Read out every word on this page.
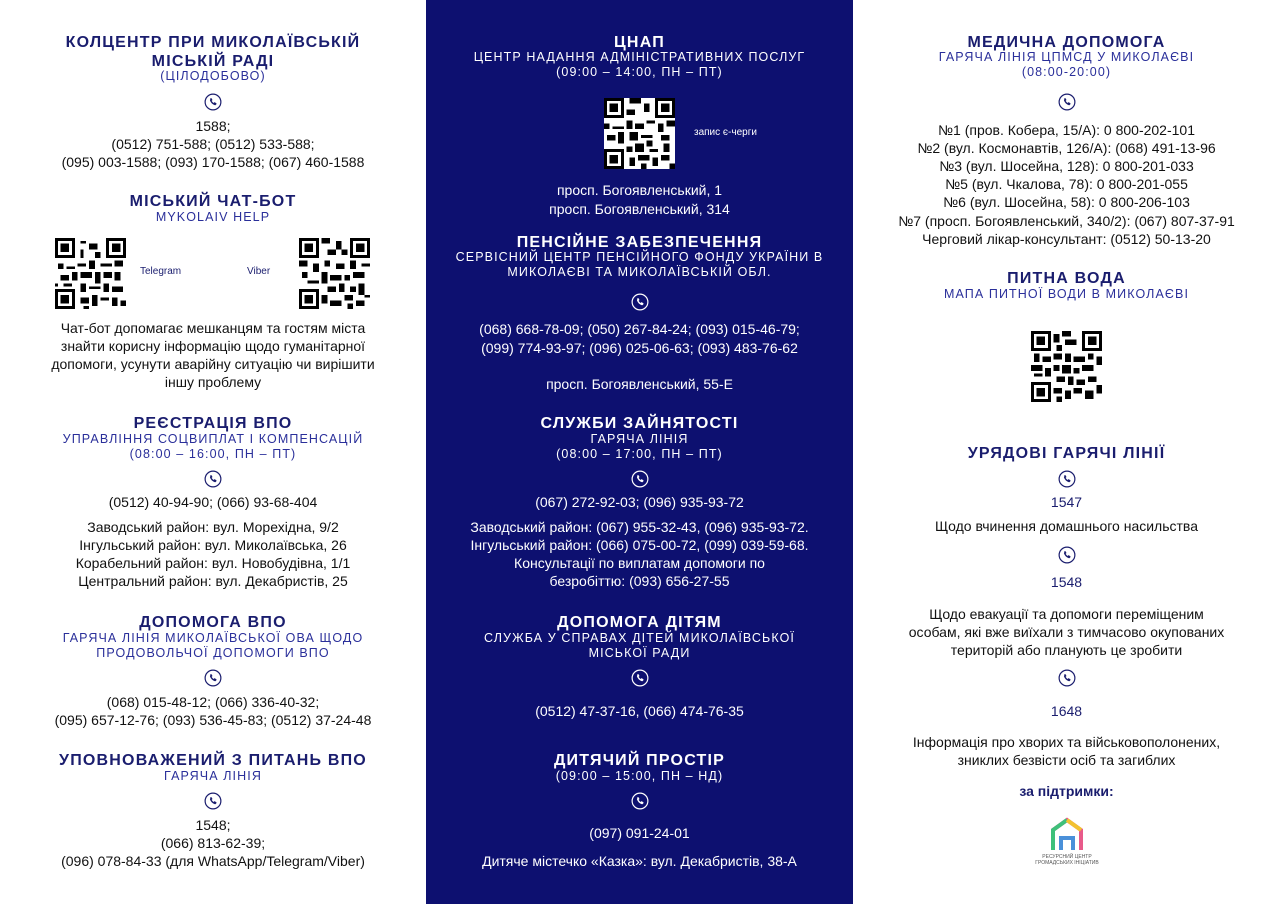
КОЛЦЕНТР ПРИ МИКОЛАЇВСЬКІЙ
МІСЬКІЙ РАДІ
(ЦІЛОДОБОВО)
1588;
(0512) 751-588; (0512) 533-588;
(095) 003-1588; (093) 170-1588; (067) 460-1588
МІСЬКИЙ ЧАТ-БОТ
MYKOLAIV HELP
Telegram	Viber
Чат-бот допомагає мешканцям та гостям міста
знайти корисну інформацію щодо гуманітарної
допомоги, усунути аварійну ситуацію чи вирішити
іншу проблему
РЕЄСТРАЦІЯ ВПО
УПРАВЛІННЯ СОЦВИПЛАТ І КОМПЕНСАЦІЙ
(08:00 – 16:00, ПН – ПТ)
(0512) 40-94-90; (066) 93-68-404
Заводський район: вул. Морехідна, 9/2
Інгульський район: вул. Миколаївська, 26
Корабельний район: вул. Новобудівна, 1/1
Центральний район: вул. Декабристів, 25
ДОПОМОГА ВПО
ГАРЯЧА ЛІНІЯ МИКОЛАЇВСЬКОЇ ОВА ЩОДО
ПРОДОВОЛЬЧОЇ ДОПОМОГИ ВПО
(068) 015-48-12; (066) 336-40-32;
(095) 657-12-76; (093) 536-45-83; (0512) 37-24-48
УПОВНОВАЖЕНИЙ З ПИТАНЬ ВПО
ГАРЯЧА ЛІНІЯ
1548;
(066) 813-62-39;
(096) 078-84-33 (для WhatsApp/Telegram/Viber)
ЦНАП
ЦЕНТР НАДАННЯ АДМІНІСТРАТИВНИХ ПОСЛУГ
(09:00 – 14:00, ПН – ПТ)
запис є-черги
просп. Богоявленський, 1
просп. Богоявленський, 314
ПЕНСІЙНЕ ЗАБЕЗПЕЧЕННЯ
СЕРВІСНИЙ ЦЕНТР ПЕНСІЙНОГО ФОНДУ УКРАЇНИ В
МИКОЛАЄВІ ТА МИКОЛАЇВСЬКІЙ ОБЛ.
(068) 668-78-09; (050) 267-84-24; (093) 015-46-79;
(099) 774-93-97; (096) 025-06-63; (093) 483-76-62
просп. Богоявленський, 55-Е
СЛУЖБИ ЗАЙНЯТОСТІ
ГАРЯЧА ЛІНІЯ
(08:00 – 17:00, ПН – ПТ)
(067) 272-92-03; (096) 935-93-72
Заводський район: (067) 955-32-43, (096) 935-93-72.
Інгульський район: (066) 075-00-72, (099) 039-59-68.
Консультації по виплатам допомоги по
безробіттю: (093) 656-27-55
ДОПОМОГА ДІТЯМ
СЛУЖБА У СПРАВАХ ДІТЕЙ МИКОЛАЇВСЬКОЇ
МІСЬКОЇ РАДИ
(0512) 47-37-16, (066) 474-76-35
ДИТЯЧИЙ ПРОСТІР
(09:00 – 15:00, ПН – НД)
(097) 091-24-01
Дитяче містечко «Казка»: вул. Декабристів, 38-А
МЕДИЧНА ДОПОМОГА
ГАРЯЧА ЛІНІЯ ЦПМСД У МИКОЛАЄВІ
(08:00-20:00)
№1 (пров. Кобера, 15/А): 0 800-202-101
№2 (вул. Космонавтів, 126/А): (068) 491-13-96
№3 (вул. Шосейна, 128): 0 800-201-033
№5 (вул. Чкалова, 78): 0 800-201-055
№6 (вул. Шосейна, 58): 0 800-206-103
№7 (просп. Богоявленський, 340/2): (067) 807-37-91
Черговий лікар-консультант: (0512) 50-13-20
ПИТНА ВОДА
МАПА ПИТНОЇ ВОДИ В МИКОЛАЄВІ
УРЯДОВІ ГАРЯЧІ ЛІНІЇ
1547
Щодо вчинення домашнього насильства
1548
Щодо евакуації та допомоги переміщеним
особам, які вже виїхали з тимчасово окупованих
територій або планують це зробити
1648
Інформація про хворих та військовополонених,
зниклих безвісти осіб та загиблих
за підтримки:
РЕСУРСНИЙ ЦЕНТР
ГРОМАДСЬКИХ ІНІЦІАТИВ
